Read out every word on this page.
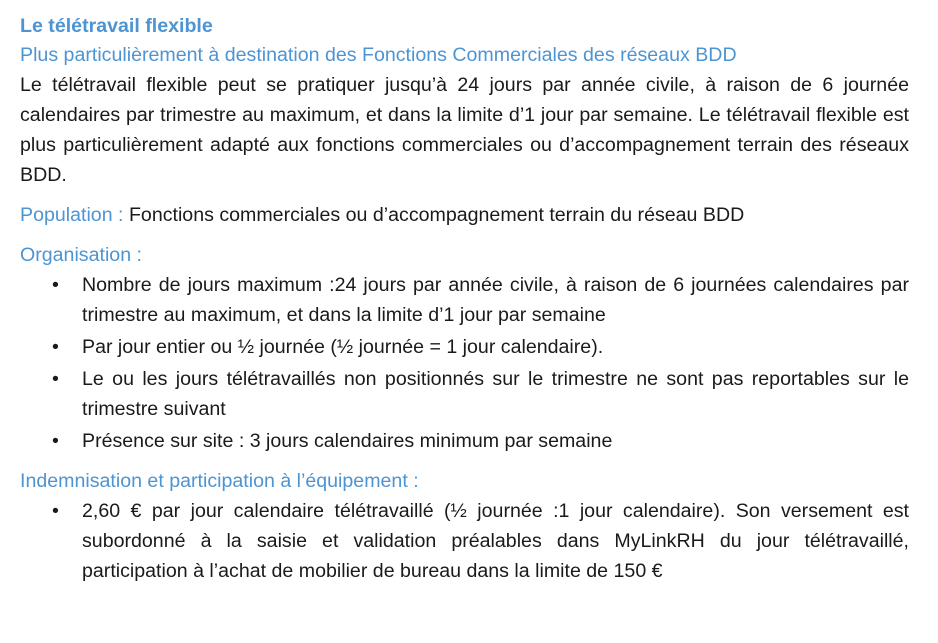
Le télétravail flexible

Plus particulièrement à destination des Fonctions Commerciales des réseaux BDD

Le télétravail flexible peut se pratiquer jusqu’à 24 jours par année civile, à raison de 6 journée calendaires par trimestre au maximum, et dans la limite d’1 jour par semaine. Le télétravail flexible est plus particulièrement adapté aux fonctions commerciales ou d’accompagnement terrain des réseaux BDD.

Population : Fonctions commerciales ou d’accompagnement terrain du réseau BDD
Organisation :
• Nombre de jours maximum :24 jours par année civile, à raison de 6 journées calendaires par trimestre au maximum, et dans la limite d’1 jour par semaine
• Par jour entier ou ½ journée (½ journée = 1 jour calendaire).
• Le ou les jours télétravaillés non positionnés sur le trimestre ne sont pas reportables sur le trimestre suivant
• Présence sur site : 3 jours calendaires minimum par semaine
Indemnisation et participation à l’équipement :
• 2,60 € par jour calendaire télétravaillé (½ journée :1 jour calendaire). Son versement est subordonné à la saisie et validation préalables dans MyLinkRH du jour télétravaillé, participation à l’achat de mobilier de bureau dans la limite de 150 €
